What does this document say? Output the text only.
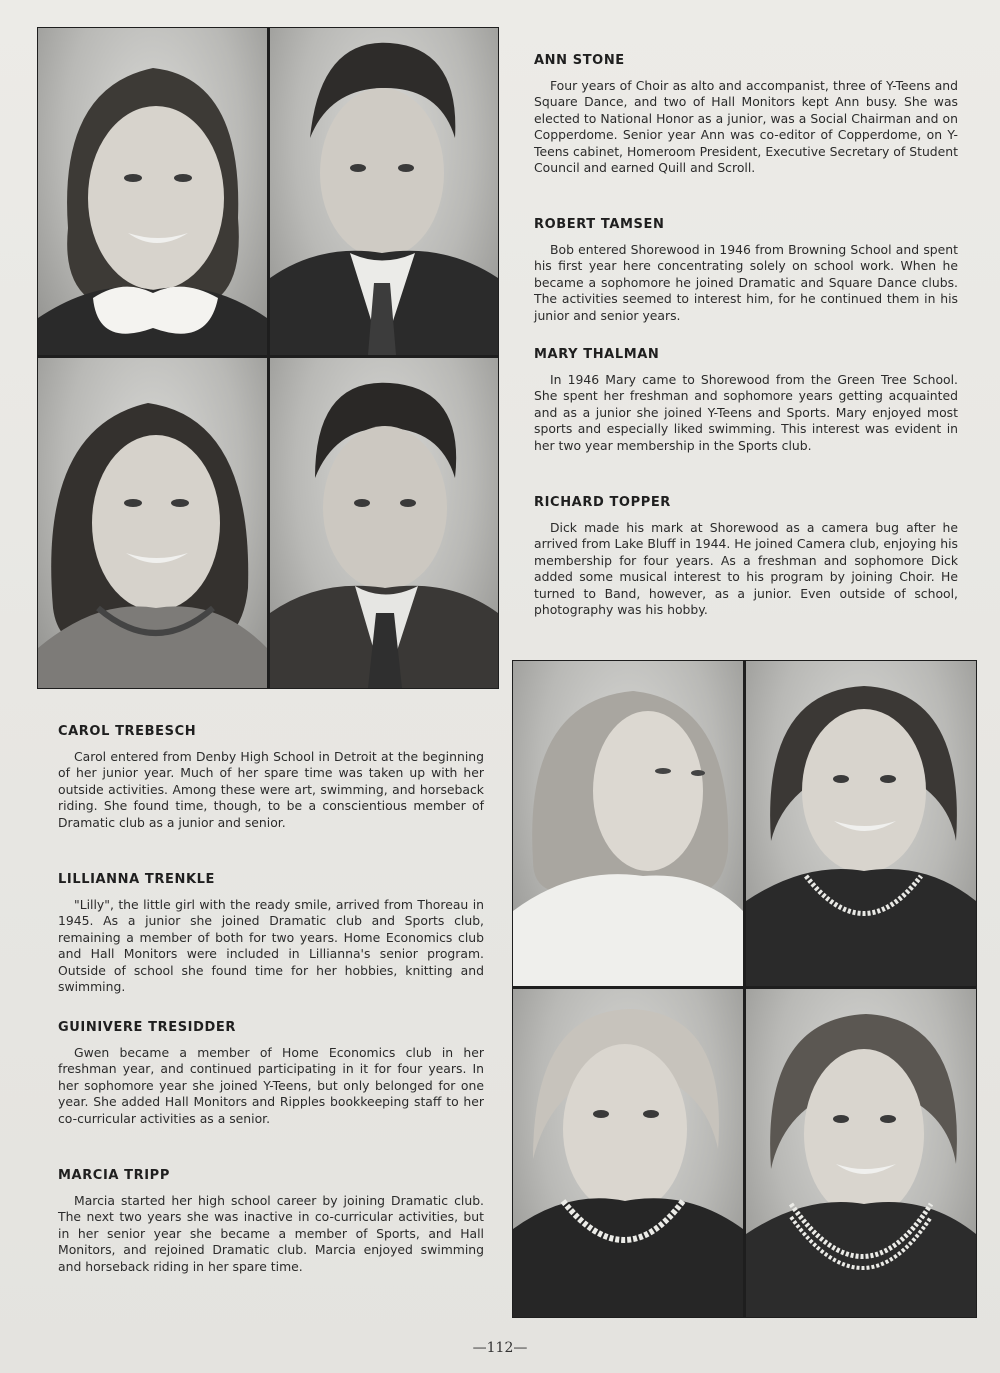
ANN STONE

Four years of Choir as alto and accompanist, three of Y-Teens and Square Dance, and two of Hall Monitors kept Ann busy. She was elected to National Honor as a junior, was a Social Chairman and on Copperdome. Senior year Ann was co-editor of Copperdome, on Y-Teens cabinet, Homeroom President, Executive Secretary of Student Council and earned Quill and Scroll.

ROBERT TAMSEN

Bob entered Shorewood in 1946 from Browning School and spent his first year here concentrating solely on school work. When he became a sophomore he joined Dramatic and Square Dance clubs. The activities seemed to interest him, for he continued them in his junior and senior years.

MARY THALMAN

In 1946 Mary came to Shorewood from the Green Tree School. She spent her freshman and sophomore years getting acquainted and as a junior she joined Y-Teens and Sports. Mary enjoyed most sports and especially liked swimming. This interest was evident in her two year membership in the Sports club.

RICHARD TOPPER

Dick made his mark at Shorewood as a camera bug after he arrived from Lake Bluff in 1944. He joined Camera club, enjoying his membership for four years. As a freshman and sophomore Dick added some musical interest to his program by joining Choir. He turned to Band, however, as a junior. Even outside of school, photography was his hobby.

CAROL TREBESCH

Carol entered from Denby High School in Detroit at the beginning of her junior year. Much of her spare time was taken up with her outside activities. Among these were art, swimming, and horseback riding. She found time, though, to be a conscientious member of Dramatic club as a junior and senior.

LILLIANNA TRENKLE

"Lilly", the little girl with the ready smile, arrived from Thoreau in 1945. As a junior she joined Dramatic club and Sports club, remaining a member of both for two years. Home Economics club and Hall Monitors were included in Lillianna's senior program. Outside of school she found time for her hobbies, knitting and swimming.

GUINIVERE TRESIDDER

Gwen became a member of Home Economics club in her freshman year, and continued participating in it for four years. In her sophomore year she joined Y-Teens, but only belonged for one year. She added Hall Monitors and Ripples bookkeeping staff to her co-curricular activities as a senior.

MARCIA TRIPP

Marcia started her high school career by joining Dramatic club. The next two years she was inactive in co-curricular activities, but in her senior year she became a member of Sports, and Hall Monitors, and rejoined Dramatic club. Marcia enjoyed swimming and horseback riding in her spare time.

—112—
